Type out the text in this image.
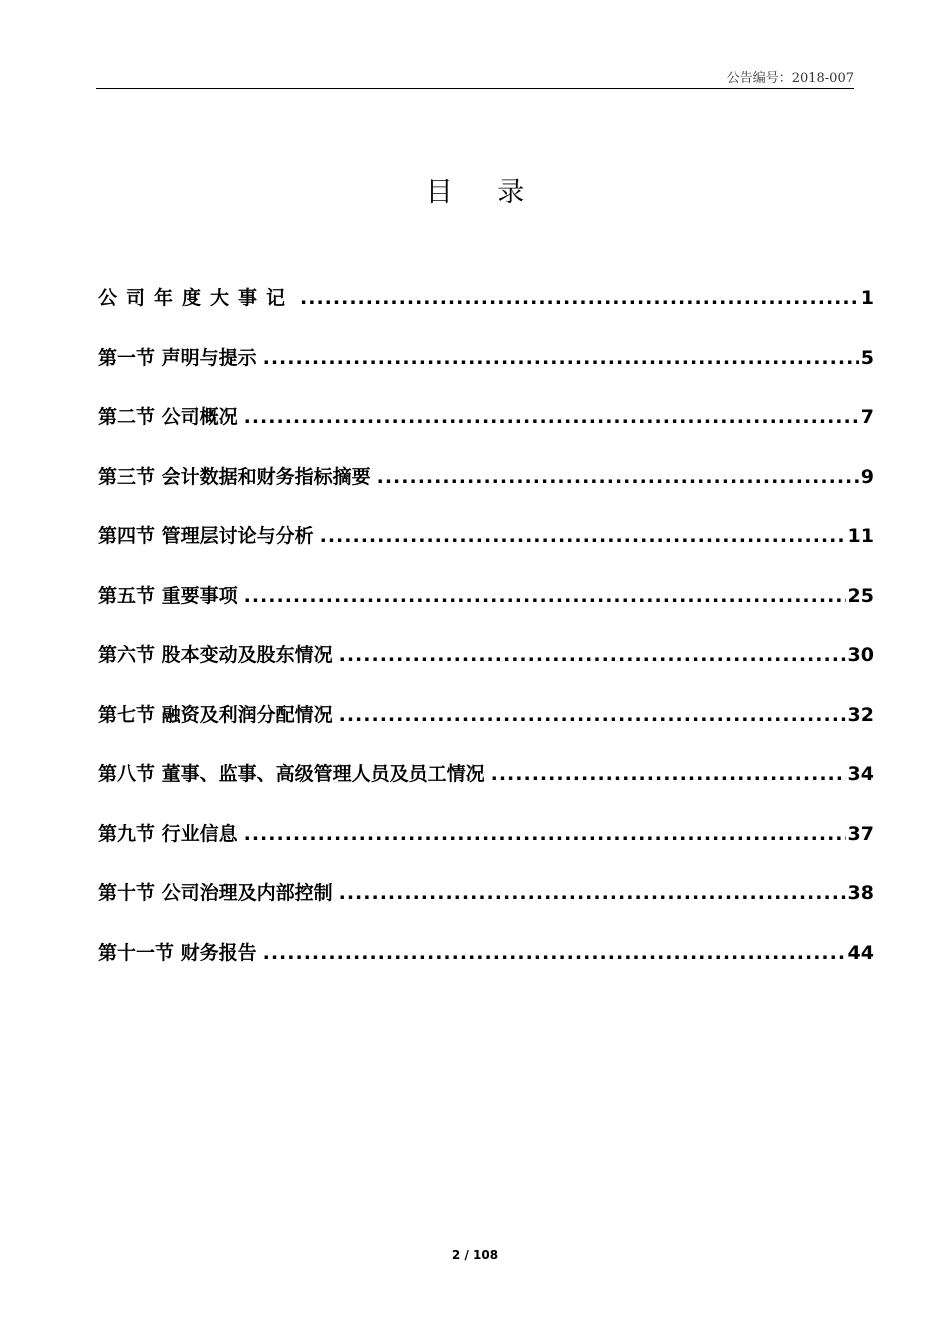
公告编号：2018-007
目 录
公司年度大事记 .....	1
第一节 声明与提示 .....	5
第二节 公司概况 .....	7
第三节 会计数据和财务指标摘要 .....	9
第四节 管理层讨论与分析 .....	11
第五节 重要事项 .....	25
第六节 股本变动及股东情况 .....	30
第七节 融资及利润分配情况 .....	32
第八节 董事、监事、高级管理人员及员工情况 .....	34
第九节 行业信息 .....	37
第十节 公司治理及内部控制 .....	38
第十一节 财务报告 .....	44
2 / 108
